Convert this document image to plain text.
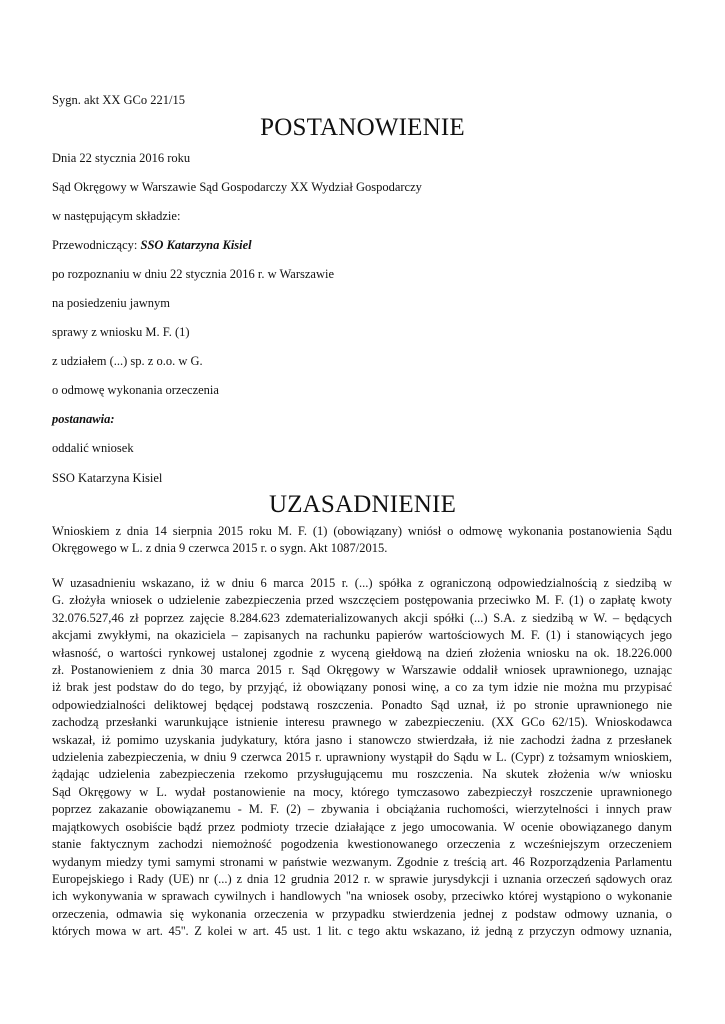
Sygn. akt XX GCo 221/15
POSTANOWIENIE
Dnia 22 stycznia 2016 roku
Sąd Okręgowy w Warszawie Sąd Gospodarczy XX Wydział Gospodarczy
w następującym składzie:
Przewodniczący: SSO Katarzyna Kisiel
po rozpoznaniu w dniu 22 stycznia 2016 r. w Warszawie
na posiedzeniu jawnym
sprawy z wniosku M. F. (1)
z udziałem (...) sp. z o.o. w G.
o odmowę wykonania orzeczenia
postanawia:
oddalić wniosek
SSO Katarzyna Kisiel
UZASADNIENIE
Wnioskiem z dnia 14 sierpnia 2015 roku M. F. (1) (obowiązany) wniósł o odmowę wykonania postanowienia Sądu
Okręgowego w L. z dnia 9 czerwca 2015 r. o sygn. Akt 1087/2015.
W uzasadnieniu wskazano, iż w dniu 6 marca 2015 r. (...) spółka z ograniczoną odpowiedzialnością z siedzibą w
G. złożyła wniosek o udzielenie zabezpieczenia przed wszczęciem postępowania przeciwko M. F. (1) o zapłatę kwoty
32.076.527,46 zł poprzez zajęcie 8.284.623 zdematerializowanych akcji spółki (...) S.A. z siedzibą w W. – będących
akcjami zwykłymi, na okaziciela – zapisanych na rachunku papierów wartościowych M. F. (1) i stanowiących jego
własność, o wartości rynkowej ustalonej zgodnie z wyceną giełdową na dzień złożenia wniosku na ok. 18.226.000
zł. Postanowieniem z dnia 30 marca 2015 r. Sąd Okręgowy w Warszawie oddalił wniosek uprawnionego, uznając
iż brak jest podstaw do do tego, by przyjąć, iż obowiązany ponosi winę, a co za tym idzie nie można mu przypisać
odpowiedzialności deliktowej będącej podstawą roszczenia. Ponadto Sąd uznał, iż po stronie uprawnionego nie
zachodzą przesłanki warunkujące istnienie interesu prawnego w zabezpieczeniu. (XX GCo 62/15). Wnioskodawca
wskazał, iż pomimo uzyskania judykatury, która jasno i stanowczo stwierdzała, iż nie zachodzi żadna z przesłanek
udzielenia zabezpieczenia, w dniu 9 czerwca 2015 r. uprawniony wystąpił do Sądu w L. (Cypr) z tożsamym wnioskiem,
żądając udzielenia zabezpieczenia rzekomo przysługującemu mu roszczenia. Na skutek złożenia w/w wniosku
Sąd Okręgowy w L. wydał postanowienie na mocy, którego tymczasowo zabezpieczył roszczenie uprawnionego
poprzez zakazanie obowiązanemu - M. F. (2) – zbywania i obciążania ruchomości, wierzytelności i innych praw
majątkowych osobiście bądź przez podmioty trzecie działające z jego umocowania. W ocenie obowiązanego danym
stanie faktycznym zachodzi niemożność pogodzenia kwestionowanego orzeczenia z wcześniejszym orzeczeniem
wydanym miedzy tymi samymi stronami w państwie wezwanym. Zgodnie z treścią art. 46 Rozporządzenia Parlamentu
Europejskiego i Rady (UE) nr (...) z dnia 12 grudnia 2012 r. w sprawie jurysdykcji i uznania orzeczeń sądowych oraz
ich wykonywania w sprawach cywilnych i handlowych ''na wniosek osoby, przeciwko której wystąpiono o wykonanie
orzeczenia, odmawia się wykonania orzeczenia w przypadku stwierdzenia jednej z podstaw odmowy uznania, o
których mowa w art. 45''. Z kolei w art. 45 ust. 1 lit. c tego aktu wskazano, iż jedną z przyczyn odmowy uznania,
